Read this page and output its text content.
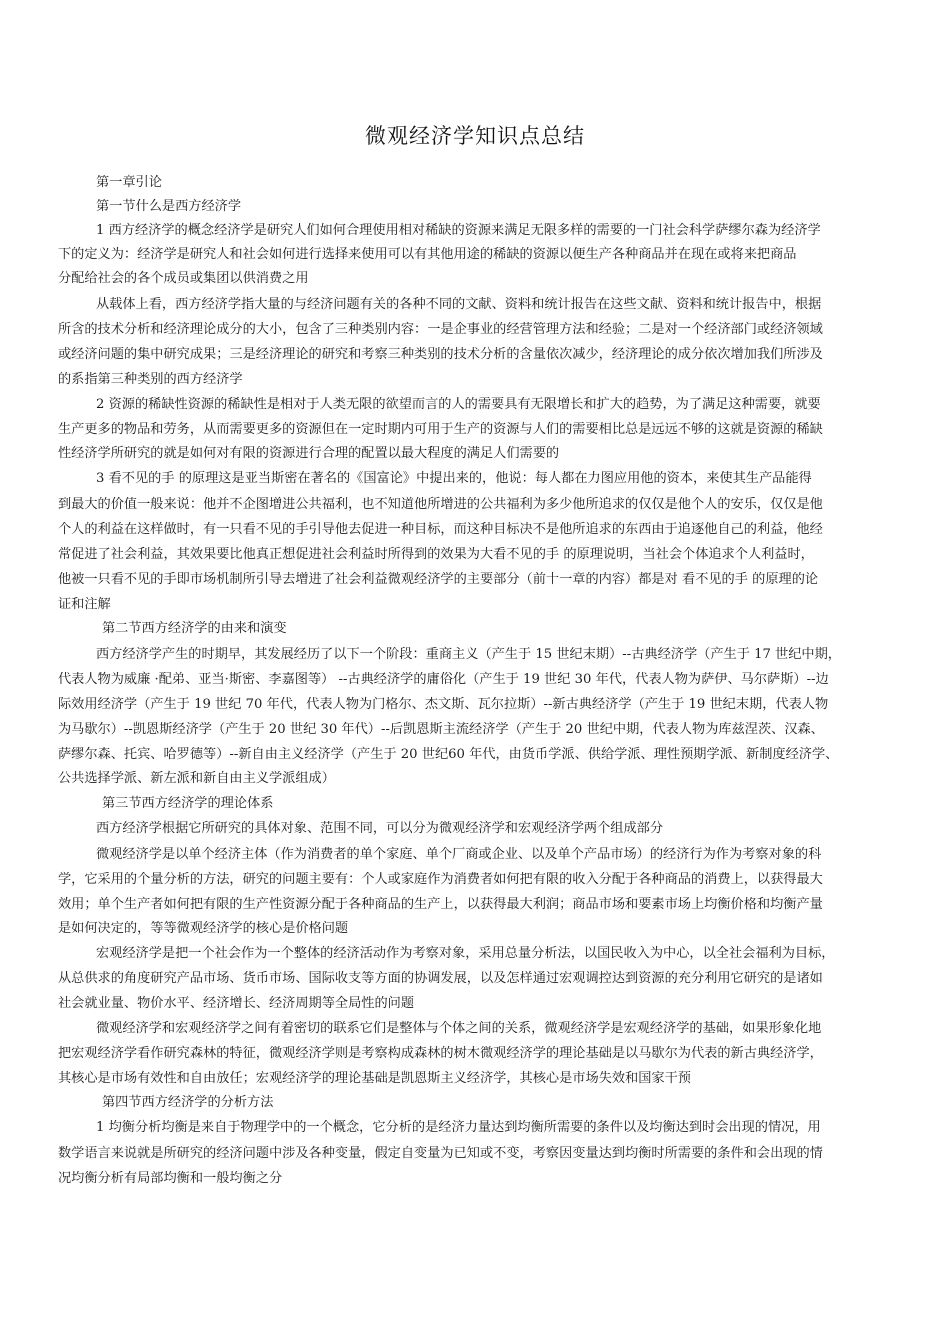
微观经济学知识点总结
第一章引论
第一节什么是西方经济学
1 西方经济学的概念经济学是研究人们如何合理使用相对稀缺的资源来满足无限多样的需要的一门社会科学萨缪尔森为经济学
下的定义为：经济学是研究人和社会如何进行选择来使用可以有其他用途的稀缺的资源以便生产各种商品并在现在或将来把商品
分配给社会的各个成员或集团以供消费之用
从载体上看，西方经济学指大量的与经济问题有关的各种不同的文献、资料和统计报告在这些文献、资料和统计报告中，根据
所含的技术分析和经济理论成分的大小，包含了三种类别内容：一是企事业的经营管理方法和经验；二是对一个经济部门或经济领域
或经济问题的集中研究成果；三是经济理论的研究和考察三种类别的技术分析的含量依次减少，经济理论的成分依次增加我们所涉及
的系指第三种类别的西方经济学
2 资源的稀缺性资源的稀缺性是相对于人类无限的欲望而言的人的需要具有无限增长和扩大的趋势，为了满足这种需要，就要
生产更多的物品和劳务，从而需要更多的资源但在一定时期内可用于生产的资源与人们的需要相比总是远远不够的这就是资源的稀缺
性经济学所研究的就是如何对有限的资源进行合理的配置以最大程度的满足人们需要的
3 看不见的手 的原理这是亚当斯密在著名的《国富论》中提出来的，他说：每人都在力图应用他的资本，来使其生产品能得
到最大的价值一般来说：他并不企图增进公共福利，也不知道他所增进的公共福利为多少他所追求的仅仅是他个人的安乐，仅仅是他
个人的利益在这样做时，有一只看不见的手引导他去促进一种目标，而这种目标决不是他所追求的东西由于追逐他自己的利益，他经
常促进了社会利益，其效果要比他真正想促进社会利益时所得到的效果为大看不见的手 的原理说明，当社会个体追求个人利益时，
他被一只看不见的手即市场机制所引导去增进了社会利益微观经济学的主要部分（前十一章的内容）都是对 看不见的手 的原理的论
证和注解
第二节西方经济学的由来和演变
西方经济学产生的时期早，其发展经历了以下一个阶段：重商主义（产生于 15 世纪末期）--古典经济学（产生于 17 世纪中期，
代表人物为威廉 ·配弟、亚当·斯密、李嘉图等） --古典经济学的庸俗化（产生于 19 世纪 30 年代，代表人物为萨伊、马尔萨斯）--边
际效用经济学（产生于 19 世纪 70 年代，代表人物为门格尔、杰文斯、瓦尔拉斯）--新古典经济学（产生于 19 世纪末期，代表人物
为马歇尔）--凯恩斯经济学（产生于 20 世纪 30 年代）--后凯恩斯主流经济学（产生于 20 世纪中期，代表人物为库兹涅茨、汉森、
萨缪尔森、托宾、哈罗德等）--新自由主义经济学（产生于 20 世纪60 年代，由货币学派、供给学派、理性预期学派、新制度经济学、
公共选择学派、新左派和新自由主义学派组成）
第三节西方经济学的理论体系
西方经济学根据它所研究的具体对象、范围不同，可以分为微观经济学和宏观经济学两个组成部分
微观经济学是以单个经济主体（作为消费者的单个家庭、单个厂商或企业、以及单个产品市场）的经济行为作为考察对象的科
学，它采用的个量分析的方法，研究的问题主要有：个人或家庭作为消费者如何把有限的收入分配于各种商品的消费上，以获得最大
效用；单个生产者如何把有限的生产性资源分配于各种商品的生产上，以获得最大利润；商品市场和要素市场上均衡价格和均衡产量
是如何决定的，等等微观经济学的核心是价格问题
宏观经济学是把一个社会作为一个整体的经济活动作为考察对象，采用总量分析法，以国民收入为中心，以全社会福利为目标，
从总供求的角度研究产品市场、货币市场、国际收支等方面的协调发展，以及怎样通过宏观调控达到资源的充分利用它研究的是诸如
社会就业量、物价水平、经济增长、经济周期等全局性的问题
微观经济学和宏观经济学之间有着密切的联系它们是整体与个体之间的关系，微观经济学是宏观经济学的基础，如果形象化地
把宏观经济学看作研究森林的特征，微观经济学则是考察构成森林的树木微观经济学的理论基础是以马歇尔为代表的新古典经济学，
其核心是市场有效性和自由放任；宏观经济学的理论基础是凯恩斯主义经济学，其核心是市场失效和国家干预
第四节西方经济学的分析方法
1 均衡分析均衡是来自于物理学中的一个概念，它分析的是经济力量达到均衡所需要的条件以及均衡达到时会出现的情况，用
数学语言来说就是所研究的经济问题中涉及各种变量，假定自变量为已知或不变，考察因变量达到均衡时所需要的条件和会出现的情
况均衡分析有局部均衡和一般均衡之分
